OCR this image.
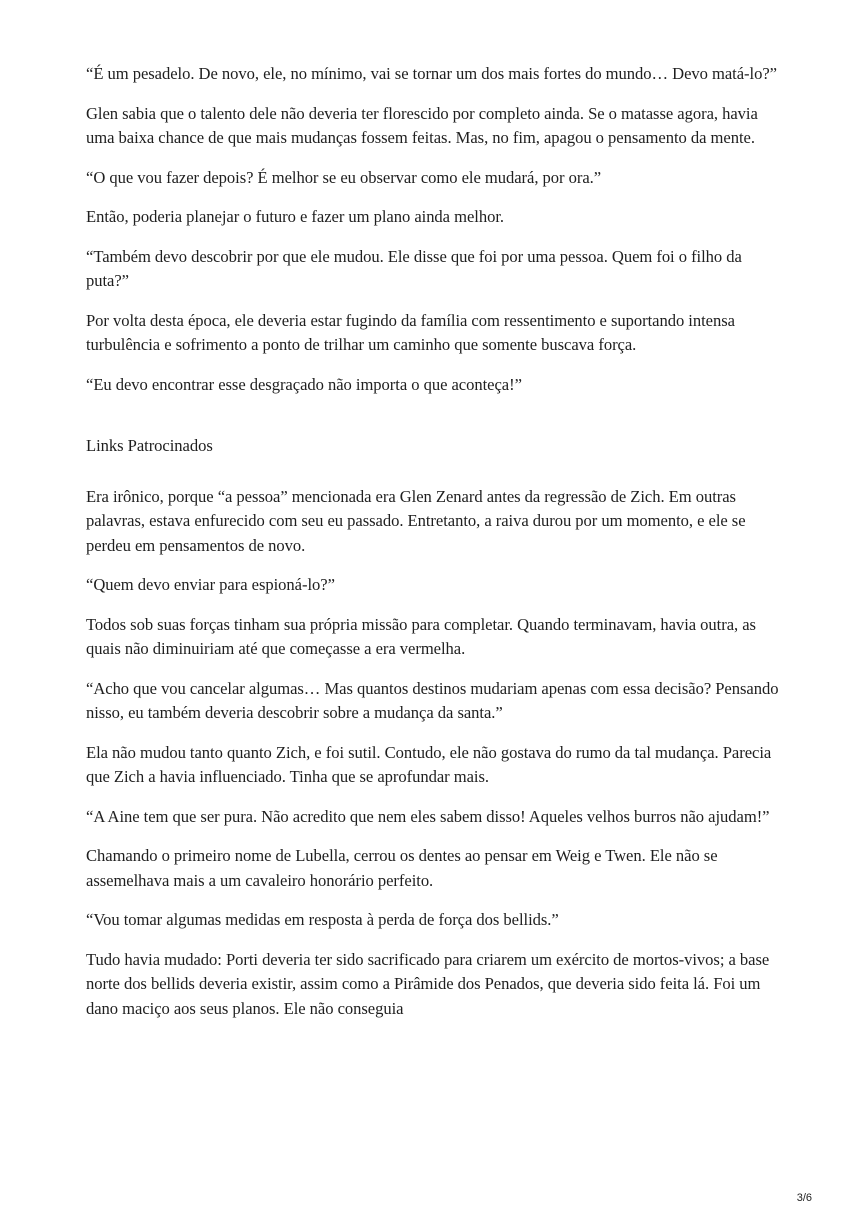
“É um pesadelo. De novo, ele, no mínimo, vai se tornar um dos mais fortes do mundo… Devo matá-lo?”

Glen sabia que o talento dele não deveria ter florescido por completo ainda. Se o matasse agora, havia uma baixa chance de que mais mudanças fossem feitas. Mas, no fim, apagou o pensamento da mente.

“O que vou fazer depois? É melhor se eu observar como ele mudará, por ora.”

Então, poderia planejar o futuro e fazer um plano ainda melhor.

“Também devo descobrir por que ele mudou. Ele disse que foi por uma pessoa. Quem foi o filho da puta?”

Por volta desta época, ele deveria estar fugindo da família com ressentimento e suportando intensa turbulência e sofrimento a ponto de trilhar um caminho que somente buscava força.

“Eu devo encontrar esse desgraçado não importa o que aconteça!”

Links Patrocinados

Era irônico, porque “a pessoa” mencionada era Glen Zenard antes da regressão de Zich. Em outras palavras, estava enfurecido com seu eu passado. Entretanto, a raiva durou por um momento, e ele se perdeu em pensamentos de novo.

“Quem devo enviar para espioná-lo?”

Todos sob suas forças tinham sua própria missão para completar. Quando terminavam, havia outra, as quais não diminuiriam até que começasse a era vermelha.

“Acho que vou cancelar algumas… Mas quantos destinos mudariam apenas com essa decisão? Pensando nisso, eu também deveria descobrir sobre a mudança da santa.”

Ela não mudou tanto quanto Zich, e foi sutil. Contudo, ele não gostava do rumo da tal mudança. Parecia que Zich a havia influenciado. Tinha que se aprofundar mais.

“A Aine tem que ser pura. Não acredito que nem eles sabem disso! Aqueles velhos burros não ajudam!”

Chamando o primeiro nome de Lubella, cerrou os dentes ao pensar em Weig e Twen. Ele não se assemelhava mais a um cavaleiro honorário perfeito.

“Vou tomar algumas medidas em resposta à perda de força dos bellids.”

Tudo havia mudado: Porti deveria ter sido sacrificado para criarem um exército de mortos-vivos; a base norte dos bellids deveria existir, assim como a Pirâmide dos Penados, que deveria sido feita lá. Foi um dano maciço aos seus planos. Ele não conseguia

3/6
